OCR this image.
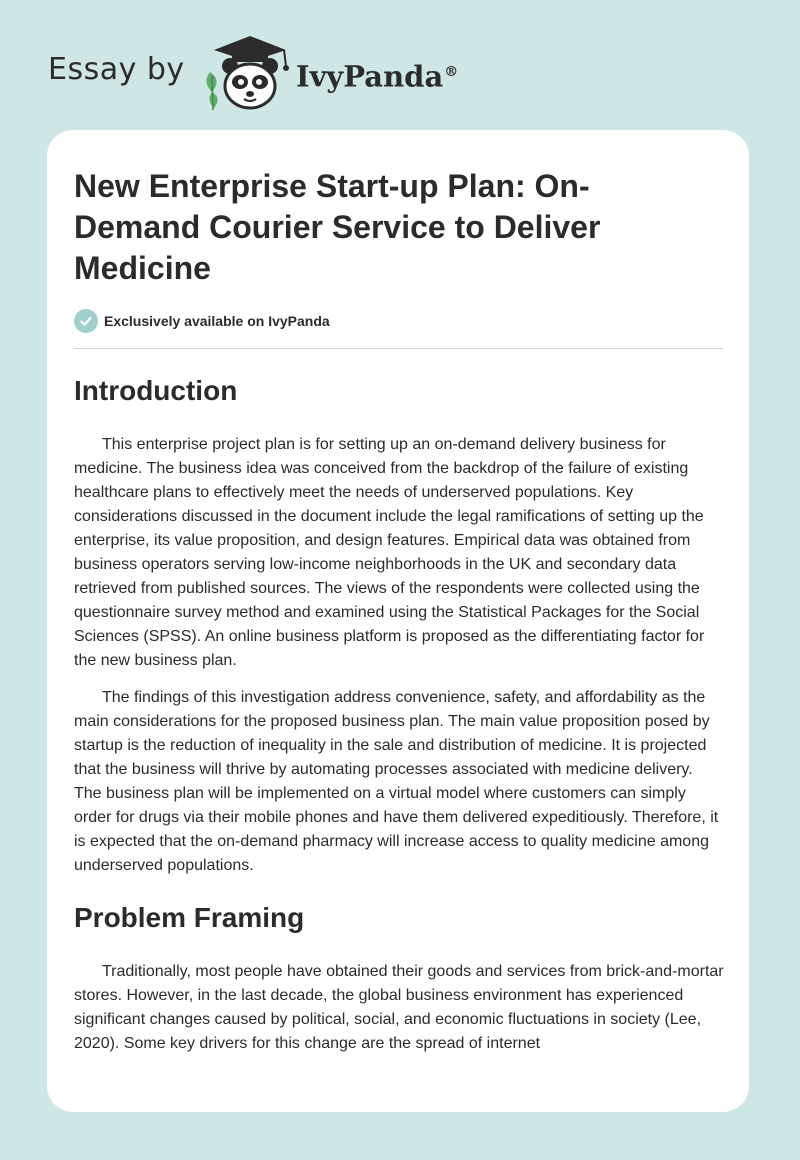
Essay by	IvyPanda®
New Enterprise Start-up Plan: On-Demand Courier Service to Deliver Medicine
Exclusively available on IvyPanda
Introduction

This enterprise project plan is for setting up an on-demand delivery business for medicine. The business idea was conceived from the backdrop of the failure of existing healthcare plans to effectively meet the needs of underserved populations. Key considerations discussed in the document include the legal ramifications of setting up the enterprise, its value proposition, and design features. Empirical data was obtained from business operators serving low-income neighborhoods in the UK and secondary data retrieved from published sources. The views of the respondents were collected using the questionnaire survey method and examined using the Statistical Packages for the Social Sciences (SPSS). An online business platform is proposed as the differentiating factor for the new business plan.

The findings of this investigation address convenience, safety, and affordability as the main considerations for the proposed business plan. The main value proposition posed by startup is the reduction of inequality in the sale and distribution of medicine. It is projected that the business will thrive by automating processes associated with medicine delivery. The business plan will be implemented on a virtual model where customers can simply order for drugs via their mobile phones and have them delivered expeditiously. Therefore, it is expected that the on-demand pharmacy will increase access to quality medicine among underserved populations.

Problem Framing

Traditionally, most people have obtained their goods and services from brick-and-mortar stores. However, in the last decade, the global business environment has experienced significant changes caused by political, social, and economic fluctuations in society (Lee, 2020). Some key drivers for this change are the spread of internet
